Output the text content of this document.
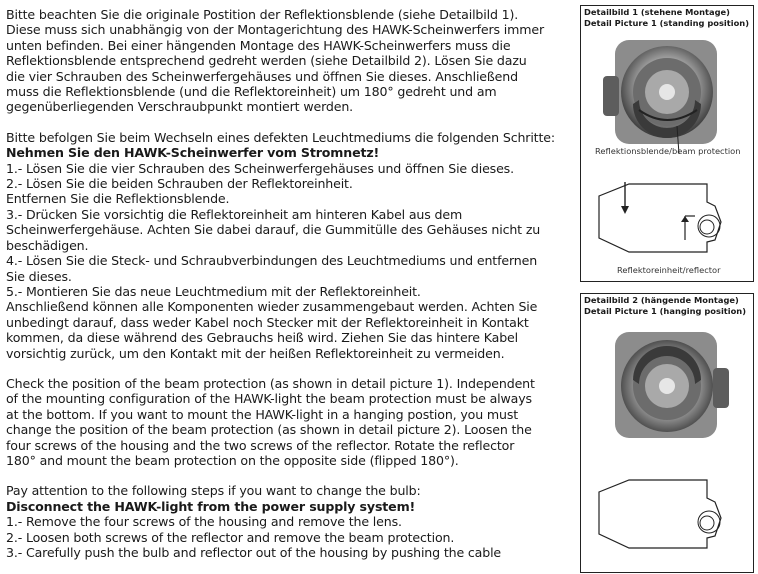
Bitte beachten Sie die originale Postition der Reflektionsblende (siehe Detailbild 1).

Diese muss sich unabhängig von der Montagerichtung des HAWK-Scheinwerfers immer

unten befinden. Bei einer hängenden Montage des HAWK-Scheinwerfers muss die

Reflektionsblende entsprechend gedreht werden (siehe Detailbild 2). Lösen Sie dazu

die vier Schrauben des Scheinwerfergehäuses und öffnen Sie dieses. Anschließend

muss die Reflektionsblende (und die Reflektoreinheit) um 180° gedreht und am

gegenüberliegenden Verschraubpunkt montiert werden.

Bitte befolgen Sie beim Wechseln eines defekten Leuchtmediums die folgenden Schritte:

Nehmen Sie den HAWK-Scheinwerfer vom Stromnetz!

1.- Lösen Sie die vier Schrauben des Scheinwerfergehäuses und öffnen Sie dieses.

2.- Lösen Sie die beiden Schrauben der Reflektoreinheit.

Entfernen Sie die Reflektionsblende.

3.- Drücken Sie vorsichtig die Reflektoreinheit am hinteren Kabel aus dem

Scheinwerfergehäuse. Achten Sie dabei darauf, die Gummitülle des Gehäuses nicht zu

beschädigen.

4.- Lösen Sie die Steck- und Schraubverbindungen des Leuchtmediums und entfernen

Sie dieses.

5.- Montieren Sie das neue Leuchtmedium mit der Reflektoreinheit.

Anschließend können alle Komponenten wieder zusammengebaut werden. Achten Sie

unbedingt darauf, dass weder Kabel noch Stecker mit der Reflektoreinheit in Kontakt

kommen, da diese während des Gebrauchs heiß wird. Ziehen Sie das hintere Kabel

vorsichtig zurück, um den Kontakt mit der heißen Reflektoreinheit zu vermeiden.

Check the position of the beam protection (as shown in detail picture 1). Independent

of the mounting configuration of the HAWK-light the beam protection must be always

at the bottom. If you want to mount the HAWK-light in a hanging postion, you must

change the position of the beam protection (as shown in detail picture 2). Loosen the

four screws of the housing and the two screws of the reflector. Rotate the reflector

180° and mount the beam protection on the opposite side (flipped 180°).

Pay attention to the following steps if you want to change the bulb:

Disconnect the HAWK-light from the power supply system!

1.- Remove the four screws of the housing and remove the lens.

2.- Loosen both screws of the reflector and remove the beam protection.

3.- Carefully push the bulb and reflector out of the housing by pushing the cable

Detailbild 1 (stehene Montage)
Detail Picture 1 (standing position)
Reflektionsblende/beam protection
Reflektoreinheit/reflector
Detailbild 2 (hängende Montage)
Detail Picture 1 (hanging position)
